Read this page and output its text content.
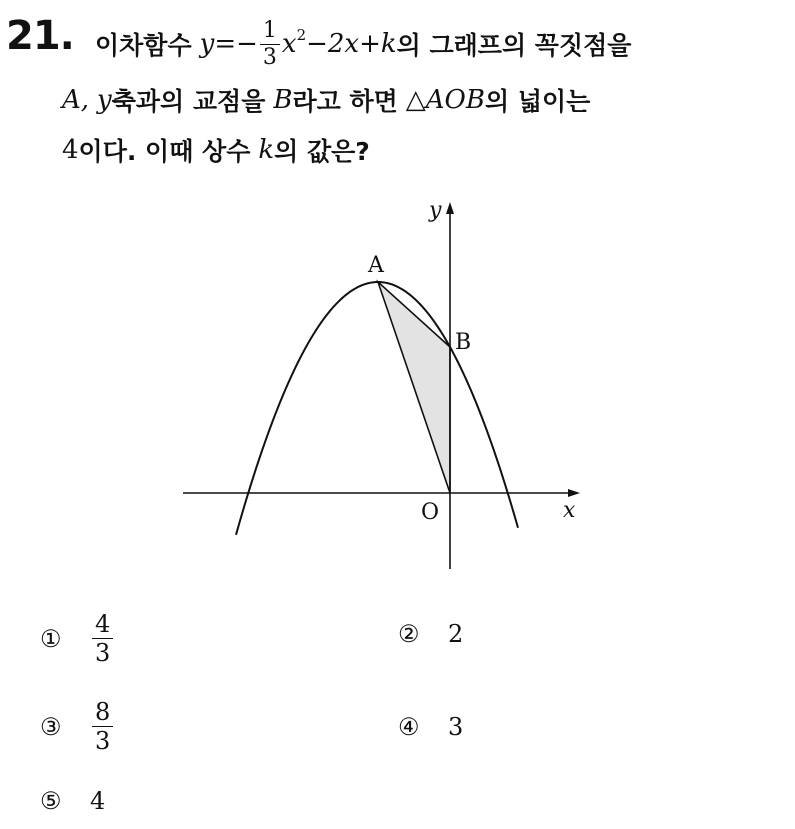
21. 이차함수 $y =- \frac{1}{3} x^2 -2x+k$ 의 그래프의 꼭짓점을
A, y 축과의 교점을 B 라고 하면 △AOB 의 넓이는
4 이다. 이때 상수 k 의 값은?
A
B
O	x
y
①	$\frac{4}{3}$	②	2
③	$\frac{8}{3}$	④	3
⑤	4
